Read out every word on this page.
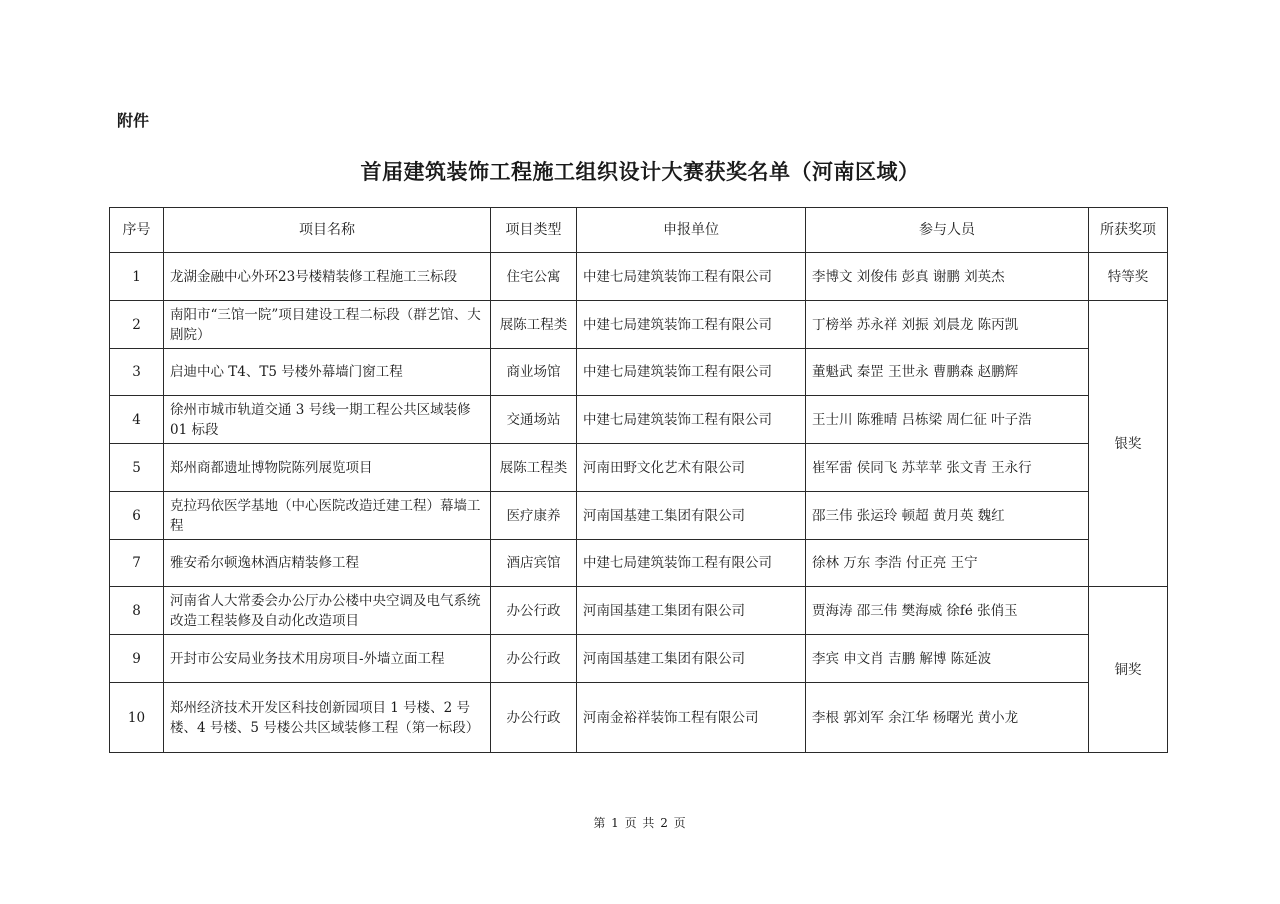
附件
首届建筑装饰工程施工组织设计大赛获奖名单（河南区域）
序号	项目名称	项目类型	申报单位	参与人员	所获奖项
1	龙湖金融中心外环23号楼精装修工程施工三标段	住宅公寓	中建七局建筑装饰工程有限公司	李博文 刘俊伟 彭真 谢鹏 刘英杰	特等奖
2	南阳市“三馆一院”项目建设工程二标段（群艺馆、大剧院）	展陈工程类	中建七局建筑装饰工程有限公司	丁榜举 苏永祥 刘振 刘晨龙 陈丙凯	银奖
3	启迪中心 T4、T5 号楼外幕墙门窗工程	商业场馆	中建七局建筑装饰工程有限公司	董魁武 秦罡 王世永 曹鹏森 赵鹏辉	
4	徐州市城市轨道交通 3 号线一期工程公共区域装修 01 标段	交通场站	中建七局建筑装饰工程有限公司	王士川 陈雅晴 吕栋梁 周仁征 叶子浩	
5	郑州商都遗址博物院陈列展览项目	展陈工程类	河南田野文化艺术有限公司	崔军雷 侯同飞 苏苹苹 张文青 王永行	
6	克拉玛依医学基地（中心医院改造迁建工程）幕墙工程	医疗康养	河南国基建工集团有限公司	邵三伟 张运玲 顿超 黄月英 魏红	
7	雅安希尔顿逸林酒店精装修工程	酒店宾馆	中建七局建筑装饰工程有限公司	徐林 万东 李浩 付正亮 王宁	
8	河南省人大常委会办公厅办公楼中央空调及电气系统改造工程装修及自动化改造项目	办公行政	河南国基建工集团有限公司	贾海涛 邵三伟 樊海威 徐fé 张俏玉	铜奖
9	开封市公安局业务技术用房项目-外墙立面工程	办公行政	河南国基建工集团有限公司	李宾 申文肖 吉鹏 解博 陈延波	
10	郑州经济技术开发区科技创新园项目 1 号楼、2 号楼、4 号楼、5 号楼公共区域装修工程（第一标段）	办公行政	河南金裕祥装饰工程有限公司	李根 郭刘军 余江华 杨曙光 黄小龙	
第 1 页 共 2 页
